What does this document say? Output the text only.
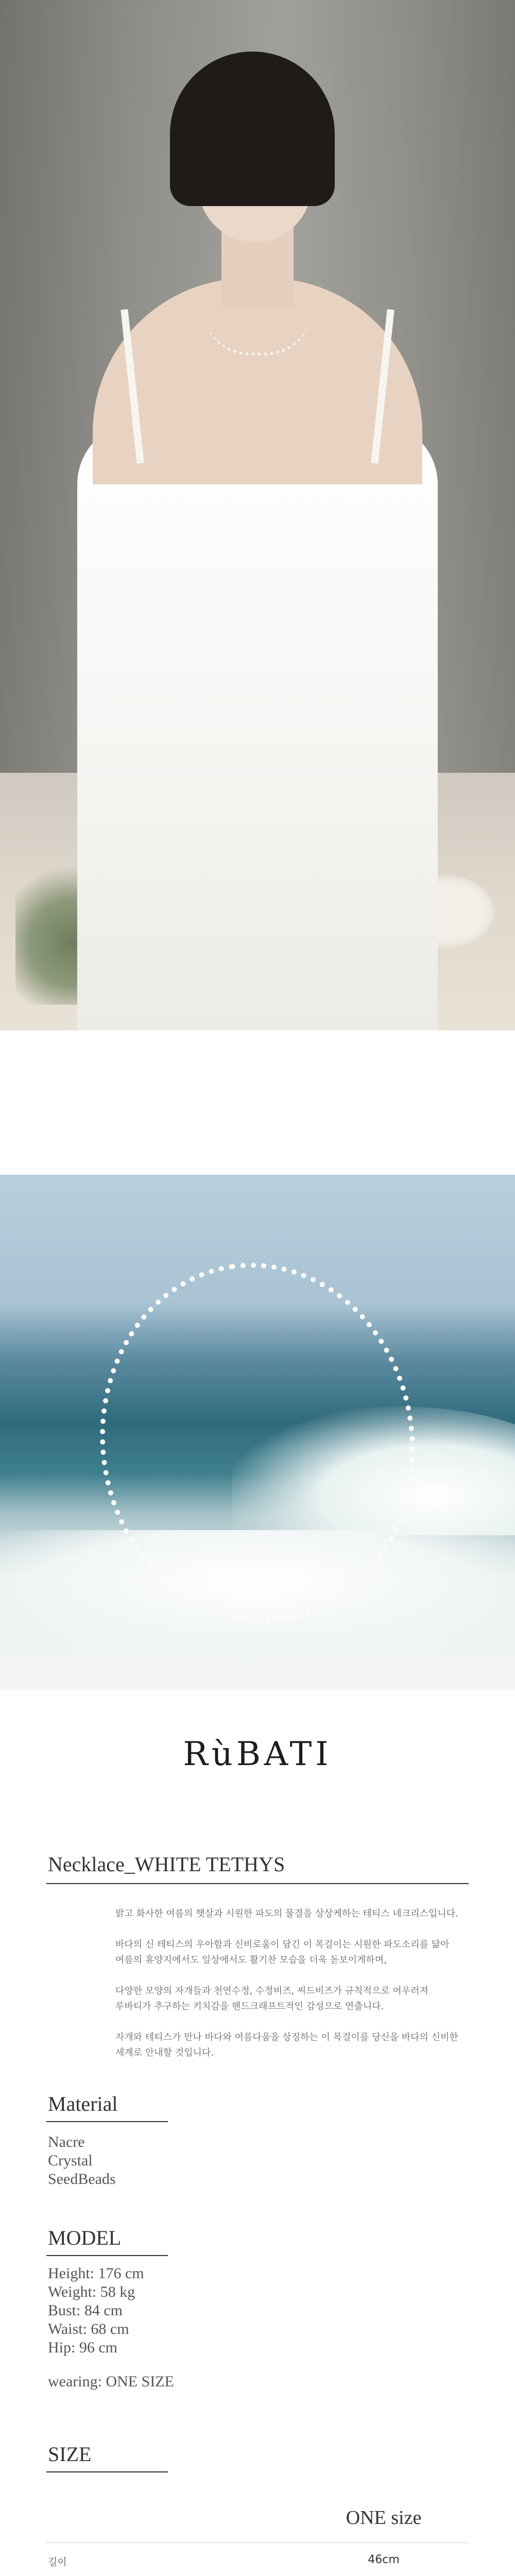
RùBATI
Necklace_WHITE TETHYS
밝고 화사한 여름의 햇살과 시원한 파도의 물결을 상상케하는 테티스 네크리스입니다.
바다의 신 테티스의 우아함과 신비로움이 담긴 이 목걸이는 시원한 파도소리를 닮아
여름의 휴양지에서도 일상에서도 활기찬 모습을 더욱 돋보이게하며,
다양한 모양의 자개들과 천연수정, 수정비즈, 씨드비즈가 규칙적으로 어우러져
루바티가 추구하는 키치감을 핸드크래프트적인 감성으로 연출니다.
자개와 테티스가 만나 바다와 여름다움을 상징하는 이 목걸이를 당신을 바다의 신비한
세계로 안내할 것입니다.
Material
Nacre
Crystal
SeedBeads
MODEL
Height: 176 cm
Weight: 58 kg
Bust: 84 cm
Waist: 68 cm
Hip: 96 cm
wearing: ONE SIZE
SIZE
ONE size
길이	46cm
